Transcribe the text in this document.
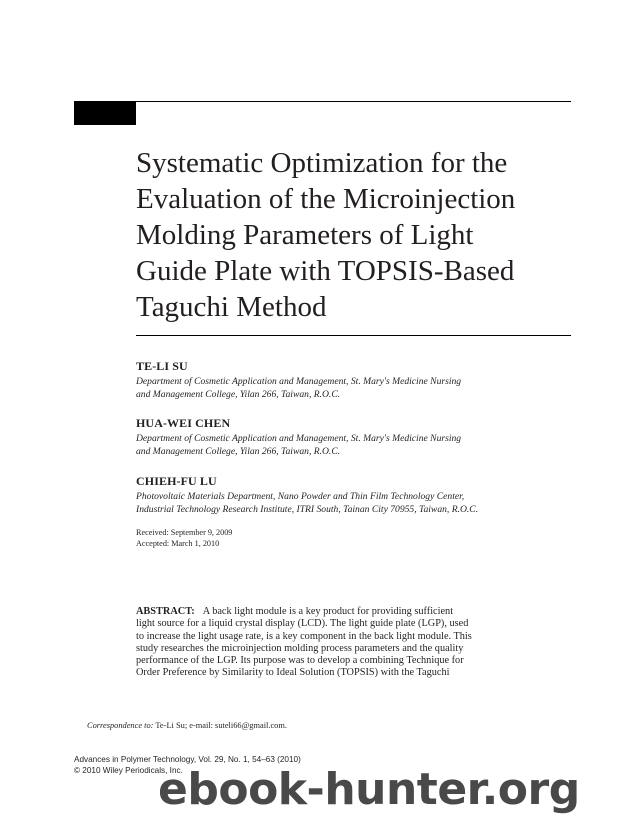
Systematic Optimization for the
Evaluation of the Microinjection
Molding Parameters of Light
Guide Plate with TOPSIS-Based
Taguchi Method
TE-LI SU
Department of Cosmetic Application and Management, St. Mary's Medicine Nursing
and Management College, Yilan 266, Taiwan, R.O.C.
HUA-WEI CHEN
Department of Cosmetic Application and Management, St. Mary's Medicine Nursing
and Management College, Yilan 266, Taiwan, R.O.C.
CHIEH-FU LU
Photovoltaic Materials Department, Nano Powder and Thin Film Technology Center,
Industrial Technology Research Institute, ITRI South, Tainan City 70955, Taiwan, R.O.C.
Received: September 9, 2009
Accepted: March 1, 2010
ABSTRACT: A back light module is a key product for providing sufficient
light source for a liquid crystal display (LCD). The light guide plate (LGP), used
to increase the light usage rate, is a key component in the back light module. This
study researches the microinjection molding process parameters and the quality
performance of the LGP. Its purpose was to develop a combining Technique for
Order Preference by Similarity to Ideal Solution (TOPSIS) with the Taguchi
Correspondence to: Te-Li Su; e-mail: suteli66@gmail.com.
Advances in Polymer Technology, Vol. 29, No. 1, 54–63 (2010)
© 2010 Wiley Periodicals, Inc.
ebook-hunter.org
